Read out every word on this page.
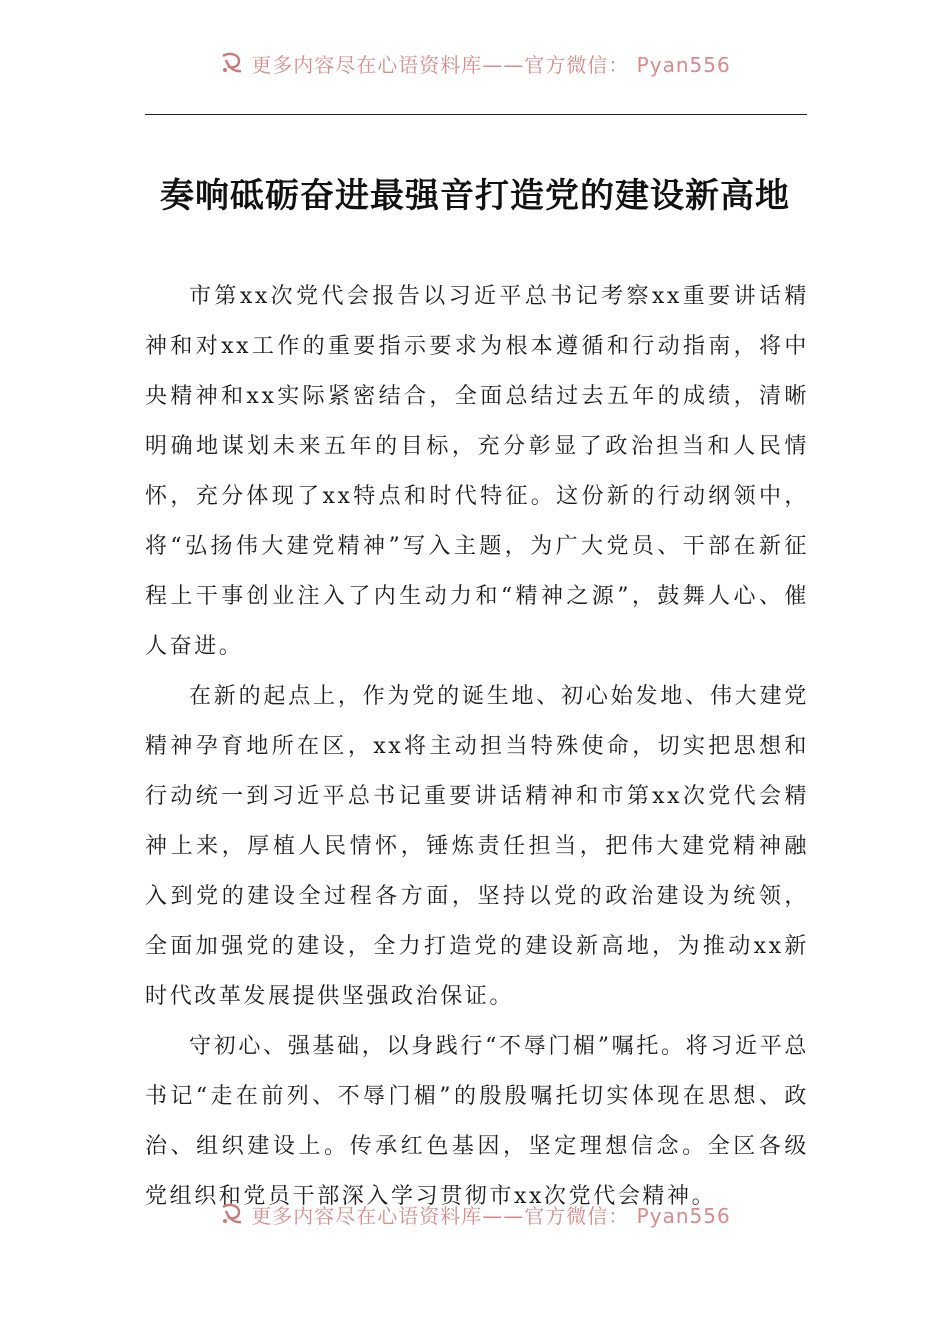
更多内容尽在心语资料库——官方微信： Pyan556
奏响砥砺奋进最强音打造党的建设新高地

市第xx次党代会报告以习近平总书记考察xx重要讲话精神和对xx工作的重要指示要求为根本遵循和行动指南，将中央精神和xx实际紧密结合，全面总结过去五年的成绩，清晰明确地谋划未来五年的目标，充分彰显了政治担当和人民情怀，充分体现了xx特点和时代特征。这份新的行动纲领中，将“弘扬伟大建党精神”写入主题，为广大党员、干部在新征程上干事创业注入了内生动力和“精神之源”，鼓舞人心、催人奋进。

在新的起点上，作为党的诞生地、初心始发地、伟大建党精神孕育地所在区，xx将主动担当特殊使命，切实把思想和行动统一到习近平总书记重要讲话精神和市第xx次党代会精神上来，厚植人民情怀，锤炼责任担当，把伟大建党精神融入到党的建设全过程各方面，坚持以党的政治建设为统领，全面加强党的建设，全力打造党的建设新高地，为推动xx新时代改革发展提供坚强政治保证。

守初心、强基础，以身践行“不辱门楣”嘱托。将习近平总书记“走在前列、不辱门楣”的殷殷嘱托切实体现在思想、政治、组织建设上。传承红色基因，坚定理想信念。全区各级党组织和党员干部深入学习贯彻市xx次党代会精神。

更多内容尽在心语资料库——官方微信： Pyan556
